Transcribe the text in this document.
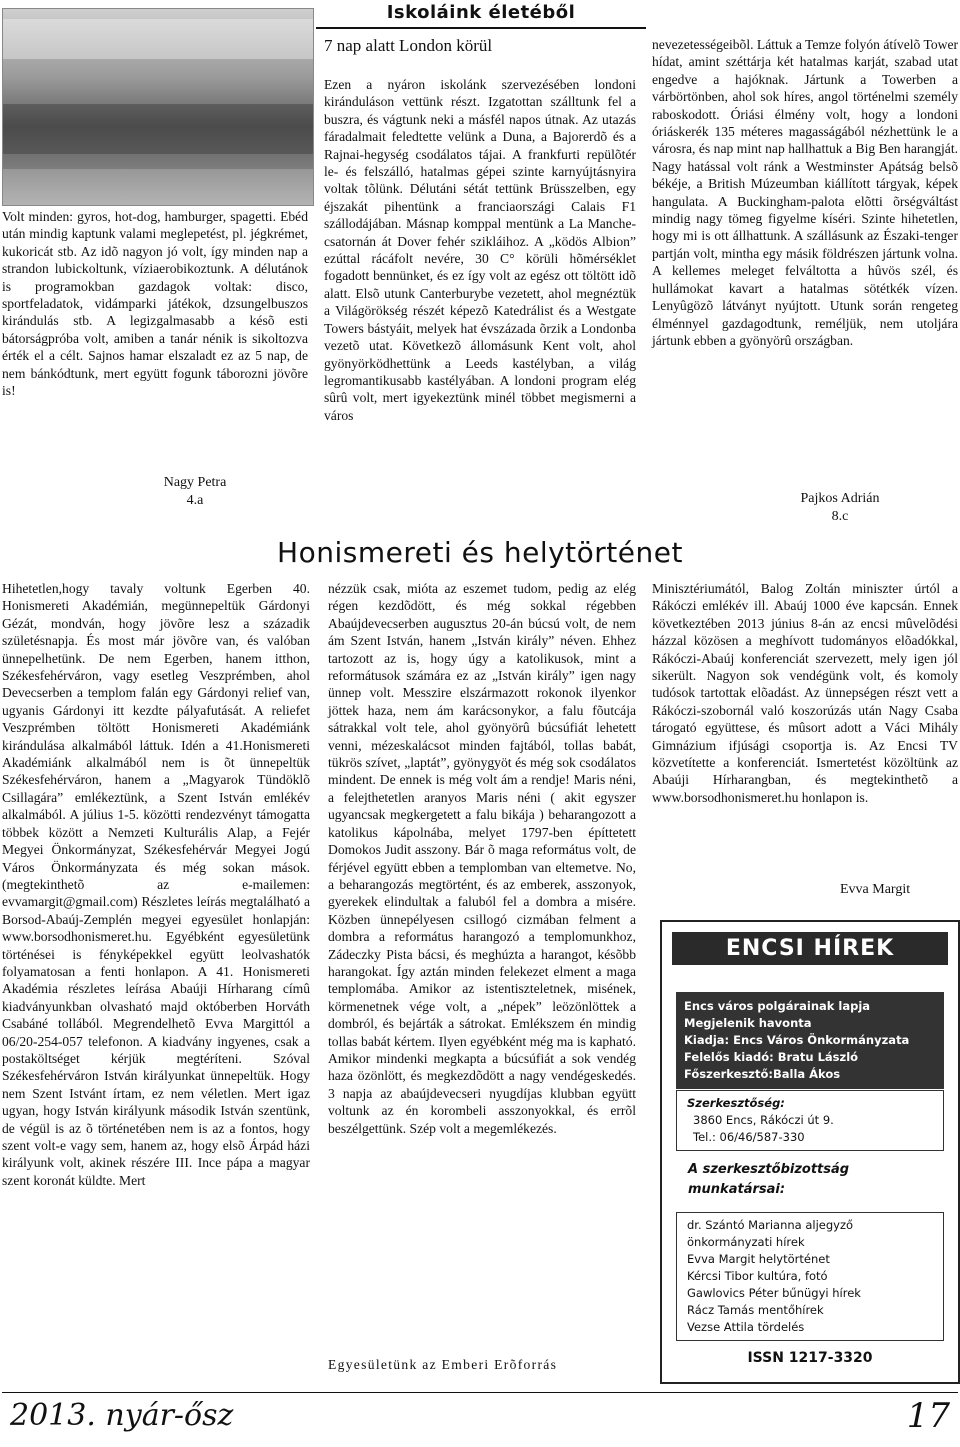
Iskoláink életéből

Volt minden: gyros, hot-dog, hamburger, spagetti. Ebéd után mindig kaptunk valami meglepetést, pl. jégkrémet, kukoricát stb. Az idõ nagyon jó volt, így minden nap a strandon lubickoltunk, víziaerobikoztunk. A délutánok is programokban gazdagok voltak: disco, sportfeladatok, vidámparki játékok, dzsungelbuszos kirándulás stb. A legizgalmasabb a késõ esti bátorságpróba volt, amiben a tanár nénik is sikoltozva érték el a célt. Sajnos hamar elszaladt ez az 5 nap, de nem bánkódtunk, mert együtt fogunk táborozni jövõre is!

Nagy Petra
4.a
7 nap alatt London körül

Ezen a nyáron iskolánk szervezésében londoni kiránduláson vettünk részt. Izgatottan szálltunk fel a buszra, és vágtunk neki a másfél napos útnak. Az utazás fáradalmait feledtette velünk a Duna, a Bajorerdõ és a Rajnai-hegység csodálatos tájai. A frankfurti repülõtér le- és felszálló, hatalmas gépei szinte karnyújtásnyira voltak tõlünk. Délutáni sétát tettünk Brüsszelben, egy éjszakát pihentünk a franciaországi Calais F1 szállodájában. Másnap komppal mentünk a La Manche-csatornán át Dover fehér szikláihoz. A „ködös Albion” ezúttal rácáfolt nevére, 30 C° körüli hõmérséklet fogadott bennünket, és ez így volt az egész ott töltött idõ alatt. Elsõ utunk Canterburybe vezetett, ahol megnéztük a Világörökség részét képezõ Katedrálist és a Westgate Towers bástyáit, melyek hat évszázada õrzik a Londonba vezetõ utat. Következõ állomásunk Kent volt, ahol gyönyörködhettünk a Leeds kastélyban, a világ legromantikusabb kastélyában. A londoni program elég sûrû volt, mert igyekeztünk minél többet megismerni a város

nevezetességeibõl. Láttuk a Temze folyón átívelõ Tower hídat, amint széttárja két hatalmas karját, szabad utat engedve a hajóknak. Jártunk a Towerben a várbörtönben, ahol sok híres, angol történelmi személy raboskodott. Óriási élmény volt, hogy a londoni óriáskerék 135 méteres magasságából nézhettünk le a városra, és nap mint nap hallhattuk a Big Ben harangját. Nagy hatással volt ránk a Westminster Apátság belsõ békéje, a British Múzeumban kiállított tárgyak, képek hangulata. A Buckingham-palota elõtti õrségváltást mindig nagy tömeg figyelme kíséri. Szinte hihetetlen, hogy mi is ott állhattunk. A szállásunk az Északi-tenger partján volt, mintha egy másik földrészen jártunk volna. A kellemes meleget felváltotta a hûvös szél, és hullámokat kavart a hatalmas sötétkék vízen. Lenyûgözõ látványt nyújtott. Utunk során rengeteg élménnyel gazdagodtunk, reméljük, nem utoljára jártunk ebben a gyönyörû országban.

Pajkos Adrián
8.c
Honismereti és helytörténet

Hihetetlen,hogy tavaly voltunk Egerben 40. Honismereti Akadémián, megünnepeltük Gárdonyi Gézát, mondván, hogy jövõre lesz a századik születésnapja. És most már jövõre van, és valóban ünnepelhetünk. De nem Egerben, hanem itthon, Székesfehérváron, vagy esetleg Veszprémben, ahol Devecserben a templom falán egy Gárdonyi relief van, ugyanis Gárdonyi itt kezdte pályafutását. A reliefet Veszprémben töltött Honismereti Akadémiánk kirándulása alkalmából láttuk. Idén a 41.Honismereti Akadémiánk alkalmából nem is õt ünnepeltük Székesfehérváron, hanem a „Magyarok Tündöklõ Csillagára” emlékeztünk, a Szent István emlékév alkalmából. A július 1-5. közötti rendezvényt támogatta többek között a Nemzeti Kulturális Alap, a Fejér Megyei Önkormányzat, Székesfehérvár Megyei Jogú Város Önkormányzata és még sokan mások. (megtekinthetõ az e-mailemen: evvamargit@gmail.com) Részletes leírás megtalálható a Borsod-Abaúj-Zemplén megyei egyesület honlapján: www.borsodhonismeret.hu. Egyébként egyesületünk történései is fényképekkel együtt leolvashatók folyamatosan a fenti honlapon. A 41. Honismereti Akadémia részletes leírása Abaúji Hírharang címû kiadványunkban olvasható majd októberben Horváth Csabáné tollából. Megrendelhetõ Evva Margittól a 06/20-254-057 telefonon. A kiadvány ingyenes, csak a postaköltséget kérjük megtéríteni. Szóval Székesfehérváron István királyunkat ünnepeltük. Hogy nem Szent Istvánt írtam, ez nem véletlen. Mert igaz ugyan, hogy István királyunk második István szentünk, de végül is az õ történetében nem is az a fontos, hogy szent volt-e vagy sem, hanem az, hogy elsõ Árpád házi királyunk volt, akinek részére III. Ince pápa a magyar szent koronát küldte. Mert

nézzük csak, mióta az eszemet tudom, pedig az elég régen kezdõdött, és még sokkal régebben Abaújdevecserben augusztus 20-án búcsú volt, de nem ám Szent István, hanem „István király” néven. Ehhez tartozott az is, hogy úgy a katolikusok, mint a reformátusok számára ez az „István király” igen nagy ünnep volt. Messzire elszármazott rokonok ilyenkor jöttek haza, nem ám karácsonykor, a falu fõutcája sátrakkal volt tele, ahol gyönyörû búcsúfiát lehetett venni, mézeskalácsot minden fajtából, tollas babát, tükrös szívet, „laptát”, gyönygyöt és még sok csodálatos mindent. De ennek is még volt ám a rendje! Maris néni, a felejthetetlen aranyos Maris néni ( akit egyszer ugyancsak megkergetett a falu bikája ) beharangozott a katolikus kápolnába, melyet 1797-ben építtetett Domokos Judit asszony. Bár õ maga református volt, de férjével együtt ebben a templomban van eltemetve. No, a beharangozás megtörtént, és az emberek, asszonyok, gyerekek elindultak a faluból fel a dombra a misére. Közben ünnepélyesen csillogó cizmában felment a dombra a református harangozó a templomunkhoz, Zádeczky Pista bácsi, és meghúzta a harangot, késõbb harangokat. Így aztán minden felekezet elment a maga templomába. Amikor az istentiszteletnek, misének, körmenetnek vége volt, a „népek” leözönlöttek a dombról, és bejárták a sátrokat. Emlékszem én mindig tollas babát kértem. Ilyen egyébként még ma is kapható. Amikor mindenki megkapta a búcsúfiát a sok vendég haza özönlött, és megkezdõdött a nagy vendégeskedés. 3 napja az abaújdevecseri nyugdíjas klubban együtt voltunk az én korombeli asszonyokkal, és errõl beszélgettünk. Szép volt a megemlékezés.

Egyesületünk az Emberi Erõforrás

Minisztériumától, Balog Zoltán miniszter úrtól a Rákóczi emlékév ill. Abaúj 1000 éve kapcsán. Ennek következtében 2013 június 8-án az encsi mûvelõdési házzal közösen a meghívott tudományos elõadókkal, Rákóczi-Abaúj konferenciát szervezett, mely igen jól sikerült. Nagyon sok vendégünk volt, és komoly tudósok tartottak elõadást. Az ünnepségen részt vett a Rákóczi-szobornál való koszorúzás után Nagy Csaba tárogató együttese, és mûsort adott a Váci Mihály Gimnázium ifjúsági csoportja is. Az Encsi TV közvetítette a konferenciát. Ismertetést közöltünk az Abaúji Hírharangban, és megtekinthetõ a www.borsodhonismeret.hu honlapon is.

Evva Margit
ENCSI HÍREK
Encs város polgárainak lapja
Megjelenik havonta
Kiadja: Encs Város Önkormányzata
Felelős kiadó: Bratu László
Főszerkesztő:Balla Ákos
Szerkesztőség:
3860 Encs, Rákóczi út 9.
Tel.: 06/46/587-330
A szerkesztőbizottság munkatársai:
dr. Szántó Marianna aljegyző
önkormányzati hírek
Evva Margit helytörténet
Kércsi Tibor kultúra, fotó
Gawlovics Péter bűnügyi hírek
Rácz Tamás mentőhírek
Vezse Attila tördelés
ISSN 1217-3320
2013. nyár-ősz	17
